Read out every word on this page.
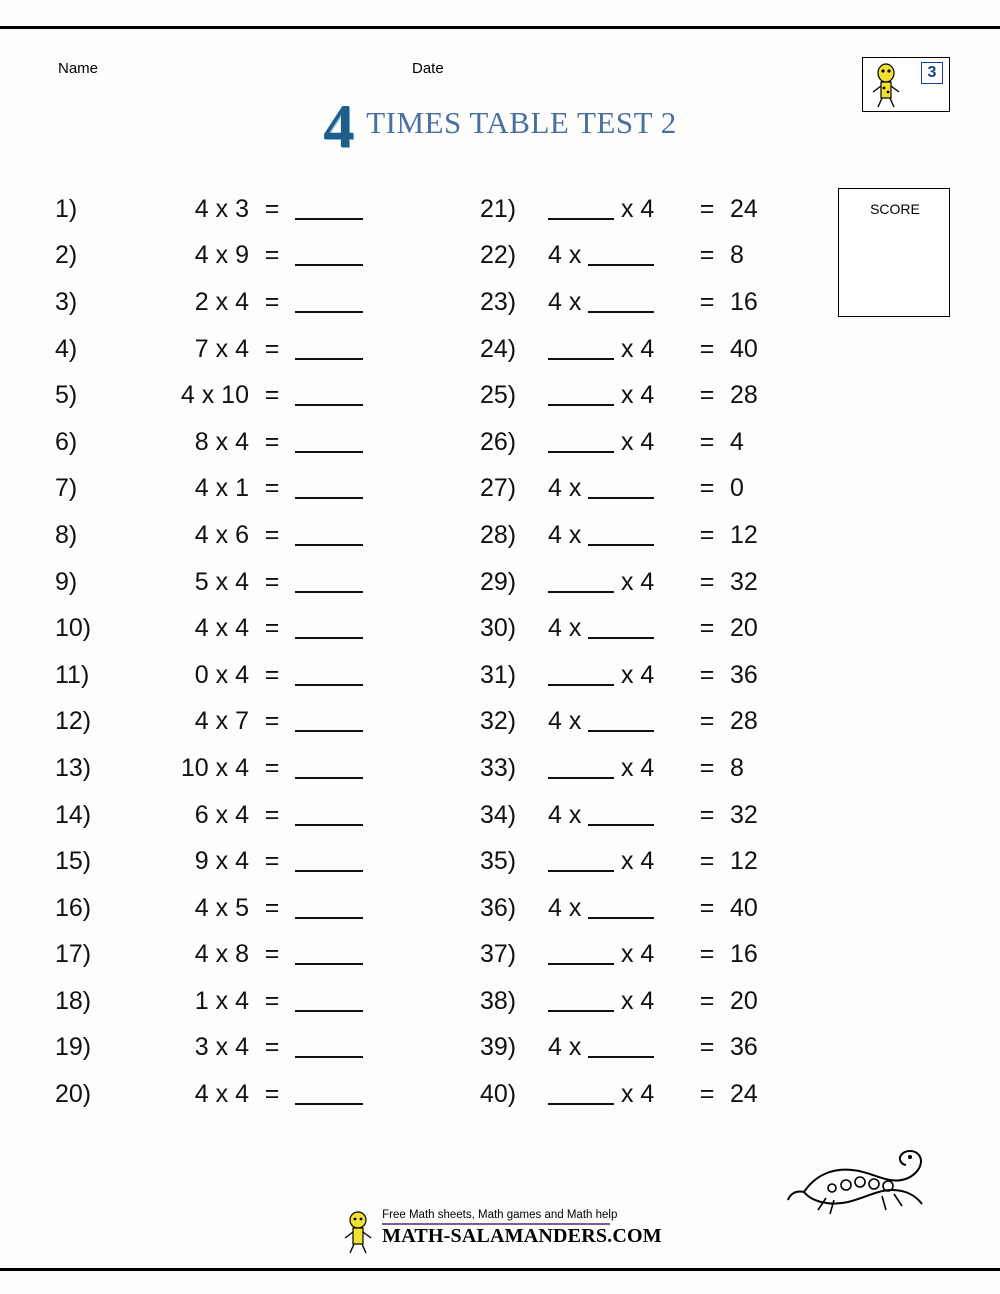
Name	Date	3
4 TIMES TABLE TEST 2
SCORE
1)	4 x 3 =
2)	4 x 9 =
3)	2 x 4 =
4)	7 x 4 =
5)	4 x 10 =
6)	8 x 4 =
7)	4 x 1 =
8)	4 x 6 =
9)	5 x 4 =
10)	4 x 4 =
11)	0 x 4 =
12)	4 x 7 =
13)	10 x 4 =
14)	6 x 4 =
15)	9 x 4 =
16)	4 x 5 =
17)	4 x 8 =
18)	1 x 4 =
19)	3 x 4 =
20)	4 x 4 =
21)	x 4	= 24
22)	4 x	= 8
23)	4 x	= 16
24)	x 4	= 40
25)	x 4	= 28
26)	x 4	= 4
27)	4 x	= 0
28)	4 x	= 12
29)	x 4	= 32
30)	4 x	= 20
31)	x 4	= 36
32)	4 x	= 28
33)	x 4	= 8
34)	4 x	= 32
35)	x 4	= 12
36)	4 x	= 40
37)	x 4	= 16
38)	x 4	= 20
39)	4 x	= 36
40)	x 4	= 24
Free Math sheets, Math games and Math help
MATH-SALAMANDERS.COM
